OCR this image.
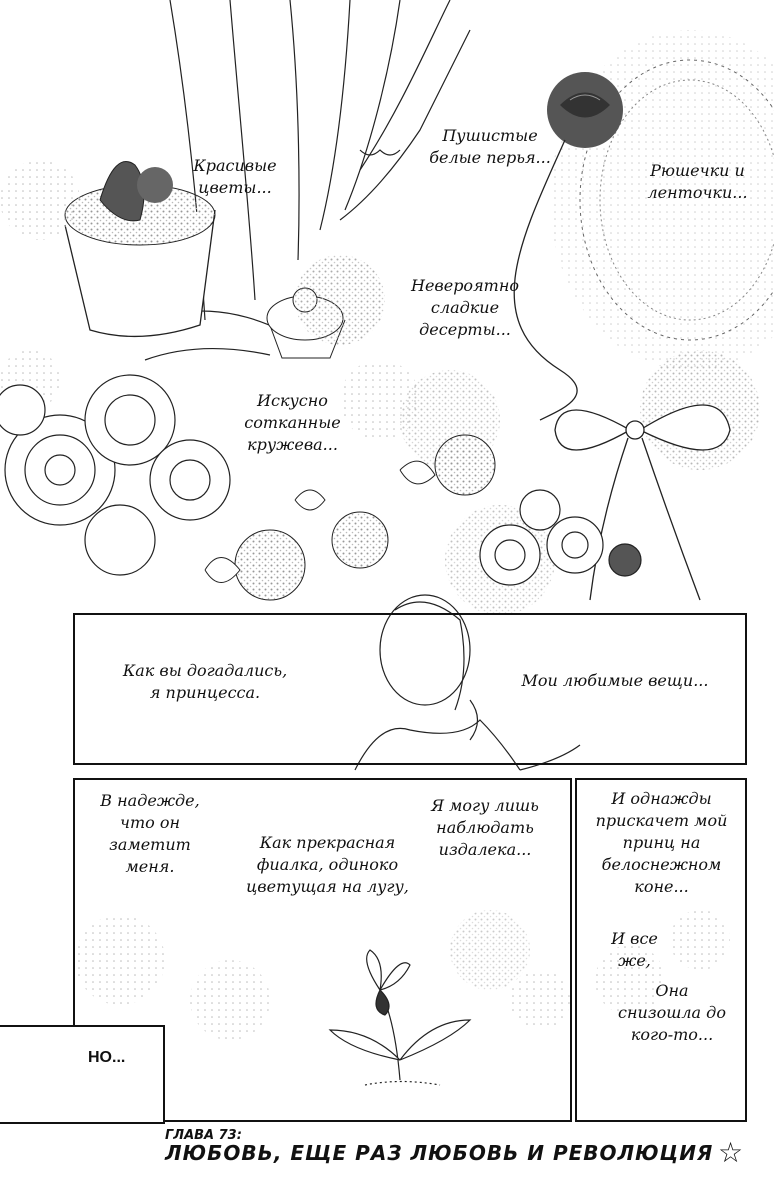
Красивые
цветы...
Пушистые
белые перья...
Рюшечки и
ленточки...
Невероятно
сладкие
десерты...
Искусно
сотканные
кружева...
Как вы догадались,
я принцесса.
Мои любимые вещи...
В надежде,
что он
заметит
меня.
Как прекрасная
фиалка, одиноко
цветущая на лугу,
Я могу лишь
наблюдать
издалека...
И однажды
прискачет мой
принц на
белоснежном
коне...
И все
же,
Она
снизошла до
кого-то...
НО...
ГЛАВА 73:
ЛЮБОВЬ, ЕЩЕ РАЗ ЛЮБОВЬ И РЕВОЛЮЦИЯ ☆
